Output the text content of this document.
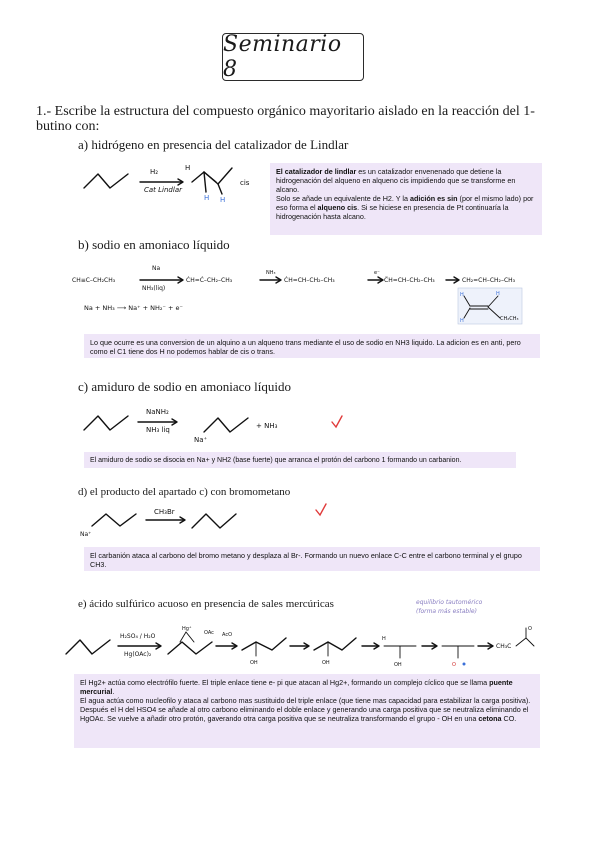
Seminario 8
1.- Escribe la estructura del compuesto orgánico mayoritario aislado en la reacción del 1-butino con:
a) hidrógeno en presencia del catalizador de Lindlar
H₂
Cat Lindlar
H
H H
cis
El catalizador de lindlar es un catalizador envenenado que detiene la hidrogenación del alqueno en alqueno cis impidiendo que se transforme en alcano.
Solo se añade un equivalente de H2. Y la adición es sin (por el mismo lado) por eso forma el alqueno cis. Si se hiciese en presencia de Pt continuaría la hidrogenación hasta alcano.
b) sodio en amoniaco líquido
CH≡C–CH₂CH₃
Na
NH₃(liq)
ĊH=Ċ–CH₂–CH₃
NH₃
ĊH=CH–CH₂–CH₃
e⁻
C̈H=CH–CH₂–CH₃	CH₂=CH–CH₂–CH₃
Na + NH₃ ⟶ Na⁺ + NH₂⁻ + e⁻
H
H
H
CH₂CH₃
Lo que ocurre es una conversion de un alquino a un alqueno trans mediante el uso de sodio en NH3 liquido. La adicion es en anti, pero como el C1 tiene dos H no podemos hablar de cis o trans.
c) amiduro de sodio en amoniaco líquido
NaNH₂
NH₃ liq
Na⁺
+ NH₃
El amiduro de sodio se disocia en Na+ y NH2 (base fuerte) que arranca el protón del carbono 1 formando un carbanion.
d) el producto del apartado c) con bromometano
Na⁺
CH₃Br
El carbanión ataca al carbono del bromo metano y desplaza al Br-. Formando un nuevo enlace C-C entre el carbono terminal y el grupo CH3.
e) ácido sulfúrico acuoso en presencia de sales mercúricas	equilibrio tautomérico
(forma más estable)
H₂SO₄ / H₂O
Hg(OAc)₂
Hg⁺
OAc AcO
OH	OH	OH
H
O
CH₃C
O
El Hg2+ actúa como electrófilo fuerte. El triple enlace tiene e- pi que atacan al Hg2+, formando un complejo cíclico que se llama puente mercurial.
El agua actúa como nucleofilo y ataca al carbono mas sustituido del triple enlace (que tiene mas capacidad para estabilizar la carga positiva).
Después el H del HSO4 se añade al otro carbono eliminando el doble enlace y generando una carga positiva que se neutraliza eliminando el HgOAc. Se vuelve a añadir otro protón, gaverando otra carga positiva que se neutraliza transformando el grupo - OH en una cetona CO.
